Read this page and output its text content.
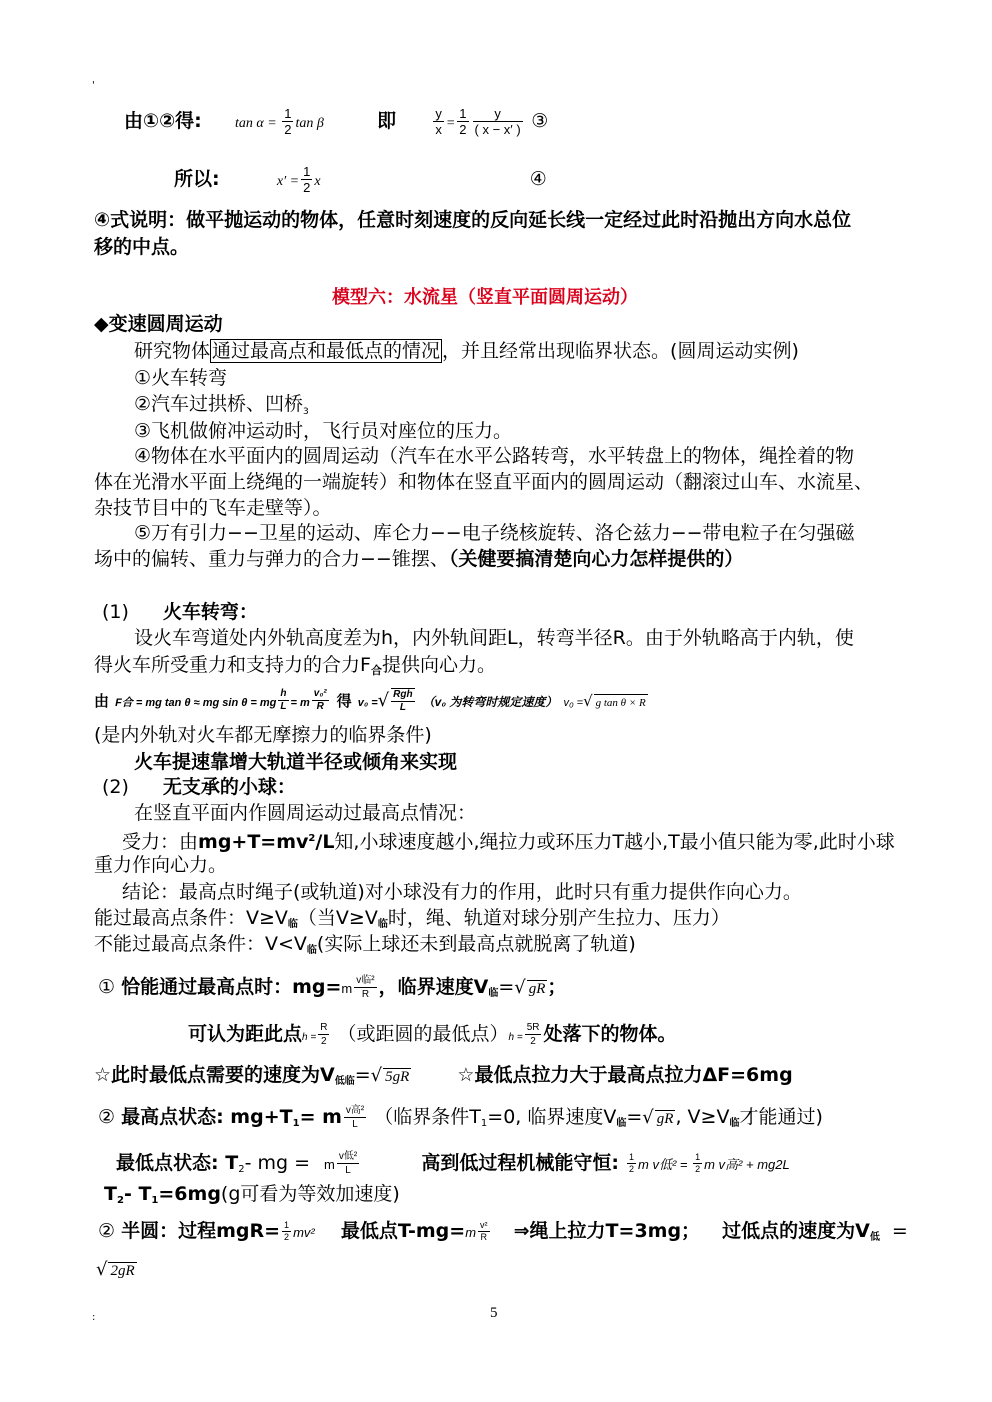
'
由①②得: $\tan \alpha = \frac{1}{2}$ tan β	即	$\frac{y}{x} = \frac{1}{2} \frac{y}{( x - x' )}$ ③
所以:	$x' = \frac{1}{2}$ x	④
④式说明：做平抛运动的物体，任意时刻速度的反向延长线一定经过此时沿抛出方向水总位
移的中点。
模型六：水流星（竖直平面圆周运动）
◆变速圆周运动
研究物体 通过最高点和最低点的情况 ，并且经常出现临界状态。(圆周运动实例)
①火车转弯
②汽车过拱桥、凹桥$_3$
③飞机做俯冲运动时，飞行员对座位的压力。
④物体在水平面内的圆周运动（汽车在水平公路转弯，水平转盘上的物体，绳拴着的物
体在光滑水平面上绕绳的一端旋转）和物体在竖直平面内的圆周运动（翻滚过山车、水流星、
杂技节目中的飞车走壁等）。
⑤万有引力−−卫星的运动、库仑力−−电子绕核旋转、洛仑兹力−−带电粒子在匀强磁
场中的偏转、重力与弹力的合力−−锥摆、（关健要搞清楚向心力怎样提供的）
(1) 火车转弯：
设火车弯道处内外轨高度差为h，内外轨间距L，转弯半径R。由于外轨略高于内轨，使
得火车所受重力和支持力的合力F合提供向心力。
由 F合 = mg tan θ ≈ mg sin θ = mg $\frac{h}{L} = m \frac{\text{v₀²}}{R}$ 得 v₀ =√ $\frac{\text{Rgh}}{L} (v_0$ 为转弯时规定速度） v₀ =√ g tan θ × R
(是内外轨对火车都无摩擦力的临界条件)
火车提速靠增大轨道半径或倾角来实现
(2) 无支承的小球：
在竖直平面内作圆周运动过最高点情况：
受力：由$mg+T=mv^2/L$知,小球速度越小,绳拉力或环压力T越小,T最小值只能为零,此时小球
重力作向心力。
结论：最高点时绳子(或轨道)对小球没有力的作用，此时只有重力提供作向心力。
能过最高点条件：$V\ge V_临$（当$V\ge V_临$时，绳、轨道对球分别产生拉力、压力）
不能过最高点条件：$V<V_临$(实际上球还未到最高点就脱离了轨道)
① 恰能通过最高点时：$mg=m \frac{\text{v临²}}{R}$ ，临界速度$V_临=√$ gR ；
可认为距此点$h = \frac{R}{2}$ （或距圆的最低点）$h = \frac{5R}{2}$ 处落下的物体。
☆此时最低点需要的速度为$V_{低临}=√$ 5gR	☆最低点拉力大于最高点拉力ΔF=6mg
② 最高点状态: $mg+T_1= m \frac{\text{v高²}}{L}$ （临界条件$T_1=0$, 临界速度$V_临=√$ gR , $V\ge V_临$才能通过)
最低点状态: $T_2-$ mg = m $\frac{\text{v低²}}{L}$	高到低过程机械能守恒: $\frac{1}{2}$ m v低$^2 = \frac{1}{2}$ m v高² + mg2L
$T_2-$ $T_1=6mg(g$可看为等效加速度)
② 半圆：过程$mgR= \frac{1}{2} mv^2$ 最低点$T-mg=m \frac{\text{v²}}{R}$ ⇒绳上拉力T=3mg； 过低点的速度为$V_低$ =
√ 2gR
5
:
